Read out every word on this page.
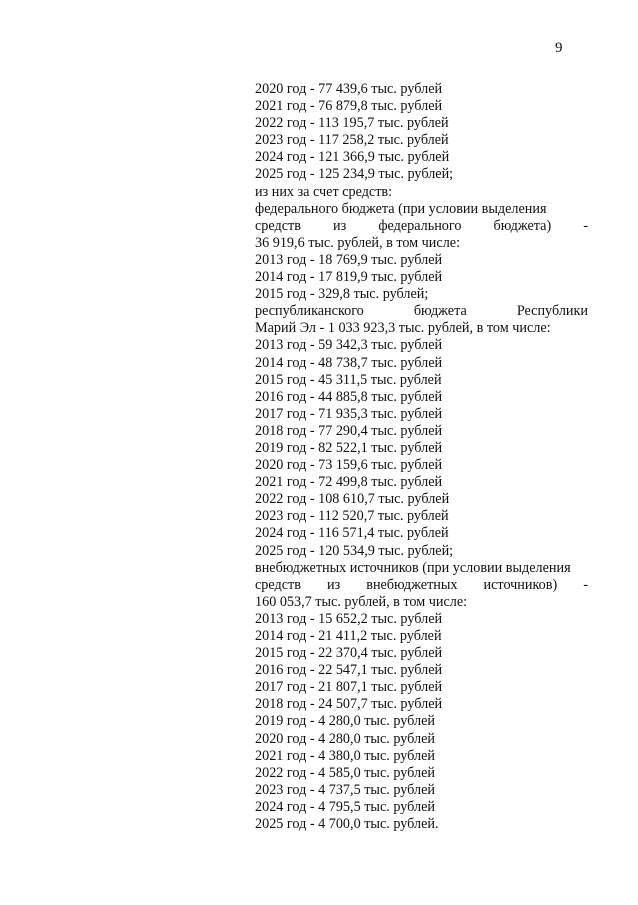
9
2020 год - 77 439,6 тыс. рублей
2021 год - 76 879,8 тыс. рублей
2022 год - 113 195,7 тыс. рублей
2023 год - 117 258,2 тыс. рублей
2024 год - 121 366,9 тыс. рублей
2025 год - 125 234,9 тыс. рублей;
из них за счет средств:
федерального бюджета (при условии выделения
средств из федерального бюджета) -
36 919,6 тыс. рублей, в том числе:
2013 год - 18 769,9 тыс. рублей
2014 год - 17 819,9 тыс. рублей
2015 год - 329,8 тыс. рублей;
республиканского	бюджета	Республики
Марий Эл - 1 033 923,3 тыс. рублей, в том числе:
2013 год - 59 342,3 тыс. рублей
2014 год - 48 738,7 тыс. рублей
2015 год - 45 311,5 тыс. рублей
2016 год - 44 885,8 тыс. рублей
2017 год - 71 935,3 тыс. рублей
2018 год - 77 290,4 тыс. рублей
2019 год - 82 522,1 тыс. рублей
2020 год - 73 159,6 тыс. рублей
2021 год - 72 499,8 тыс. рублей
2022 год - 108 610,7 тыс. рублей
2023 год - 112 520,7 тыс. рублей
2024 год - 116 571,4 тыс. рублей
2025 год - 120 534,9 тыс. рублей;
внебюджетных источников (при условии выделения
средств из внебюджетных источников) -
160 053,7 тыс. рублей, в том числе:
2013 год - 15 652,2 тыс. рублей
2014 год - 21 411,2 тыс. рублей
2015 год - 22 370,4 тыс. рублей
2016 год - 22 547,1 тыс. рублей
2017 год - 21 807,1 тыс. рублей
2018 год - 24 507,7 тыс. рублей
2019 год - 4 280,0 тыс. рублей
2020 год - 4 280,0 тыс. рублей
2021 год - 4 380,0 тыс. рублей
2022 год - 4 585,0 тыс. рублей
2023 год - 4 737,5 тыс. рублей
2024 год - 4 795,5 тыс. рублей
2025 год - 4 700,0 тыс. рублей.
